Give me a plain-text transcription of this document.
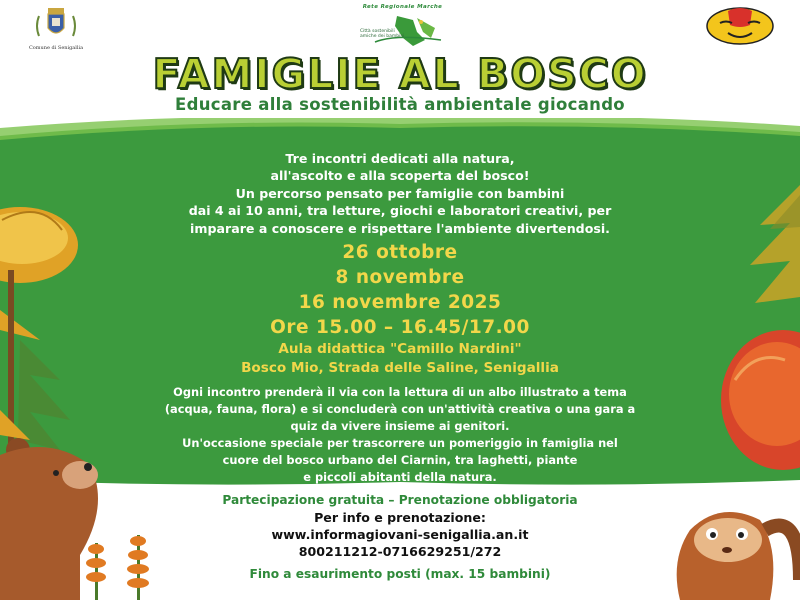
Comune di Senigallia
Rete Regionale Marche
Città sostenibili amiche dei bambini
FAMIGLIE AL BOSCO
Educare alla sostenibilità ambientale giocando
Tre incontri dedicati alla natura,
all'ascolto e alla scoperta del bosco!
Un percorso pensato per famiglie con bambini
dai 4 ai 10 anni, tra letture, giochi e laboratori creativi, per
imparare a conoscere e rispettare l'ambiente divertendosi.
26 ottobre
8 novembre
16 novembre 2025
Ore 15.00 – 16.45/17.00
Aula didattica "Camillo Nardini"
Bosco Mio, Strada delle Saline, Senigallia
Ogni incontro prenderà il via con la lettura di un albo illustrato a tema
(acqua, fauna, flora) e si concluderà con un'attività creativa o una gara a
quiz da vivere insieme ai genitori.
Un'occasione speciale per trascorrere un pomeriggio in famiglia nel
cuore del bosco urbano del Ciarnin, tra laghetti, piante
e piccoli abitanti della natura.
Partecipazione gratuita – Prenotazione obbligatoria
Per info e prenotazione:
www.informagiovani-senigallia.an.it
800211212-0716629251/272
Fino a esaurimento posti (max. 15 bambini)
